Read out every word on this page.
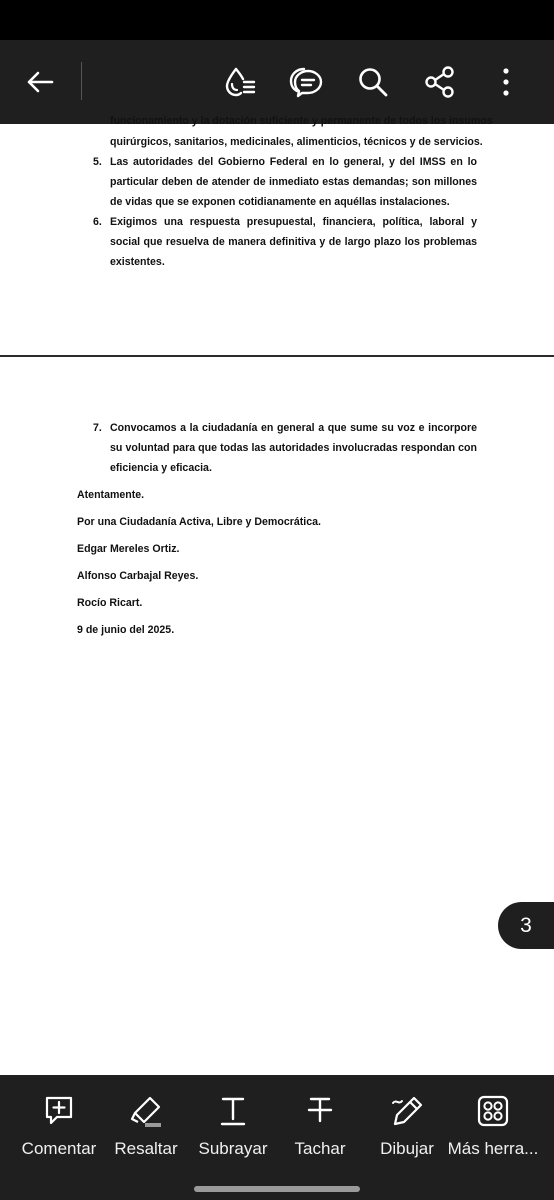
funcionamiento y la dotación suficiente y permanente de todos los insumos
quirúrgicos, sanitarios, medicinales, alimenticios, técnicos y de servicios.
5. Las autoridades del Gobierno Federal en lo general, y del IMSS en lo particular deben de atender de inmediato estas demandas; son millones de vidas que se exponen cotidianamente en aquéllas instalaciones.
6. Exigimos una respuesta presupuestal, financiera, política, laboral y social que resuelva de manera definitiva y de largo plazo los problemas existentes.
7. Convocamos a la ciudadanía en general a que sume su voz e incorpore su voluntad para que todas las autoridades involucradas respondan con eficiencia y eficacia.
Atentamente.
Por una Ciudadanía Activa, Libre y Democrática.
Edgar Mereles Ortiz.
Alfonso Carbajal Reyes.
Rocío Ricart.
9 de junio del 2025.
3
Comentar	Resaltar	Subrayar	Tachar	Dibujar Más herra...
